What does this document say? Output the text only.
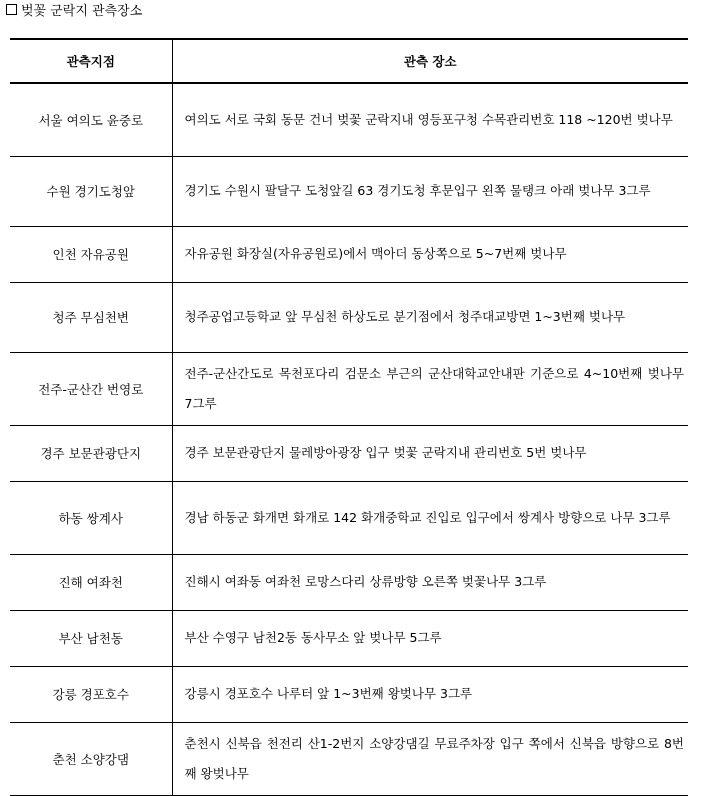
벚꽃 군락지 관측장소
관측지점	관측 장소
서울 여의도 윤중로	여의도 서로 국회 동문 건너 벚꽃 군락지내 영등포구청 수목관리번호 118 ~120번 벚나무
수원 경기도청앞	경기도 수원시 팔달구 도청앞길 63 경기도청 후문입구 왼쪽 물탱크 아래 벚나무 3그루
인천 자유공원	자유공원 화장실(자유공원로)에서 맥아더 동상쪽으로 5~7번째 벚나무
청주 무심천변	청주공업고등학교 앞 무심천 하상도로 분기점에서 청주대교방면 1~3번째 벚나무
전주-군산간 번영로	전주-군산간도로 목천포다리 검문소 부근의 군산대학교안내판 기준으로 4~10번째 벚나무 7그루
경주 보문관광단지	경주 보문관광단지 물레방아광장 입구 벚꽃 군락지내 관리번호 5번 벚나무
하동 쌍계사	경남 하동군 화개면 화개로 142 화개중학교 진입로 입구에서 쌍계사 방향으로 나무 3그루
진해 여좌천	진해시 여좌동 여좌천 로망스다리 상류방향 오른쪽 벚꽃나무 3그루
부산 남천동	부산 수영구 남천2동 동사무소 앞 벚나무 5그루
강릉 경포호수	강릉시 경포호수 나루터 앞 1~3번째 왕벚나무 3그루
춘천 소양강댐	춘천시 신북읍 천전리 산1-2번지 소양강댐길 무료주차장 입구 쪽에서 신북읍 방향으로 8번째 왕벚나무
